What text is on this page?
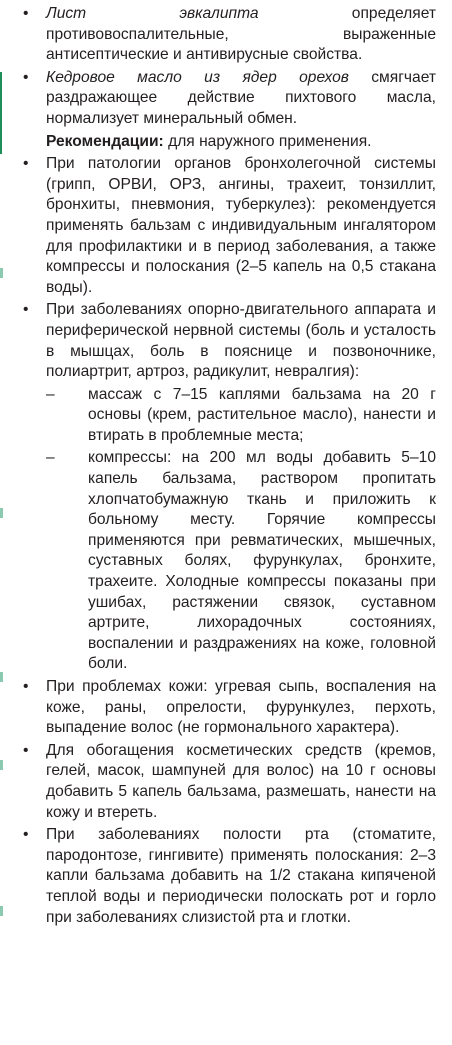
• Лист эвкалипта определяет противовоспалительные, выраженные антисептические и антивирусные свойства.
• Кедровое масло из ядер орехов смягчает раздражающее действие пихтового масла, нормализует минеральный обмен.
Рекомендации: для наружного применения.
• При патологии органов бронхолегочной системы (грипп, ОРВИ, ОРЗ, ангины, трахеит, тонзиллит, бронхиты, пневмония, туберкулез): рекомендуется применять бальзам с индивидуальным ингалятором для профилактики и в период заболевания, а также компрессы и полоскания (2–5 капель на 0,5 стакана воды).
• При заболеваниях опорно-двигательного аппарата и периферической нервной системы (боль и усталость в мышцах, боль в пояснице и позвоночнике, полиартрит, артроз, радикулит, невралгия):
– массаж с 7–15 каплями бальзама на 20 г основы (крем, растительное масло), нанести и втирать в проблемные места;
– компрессы: на 200 мл воды добавить 5–10 капель бальзама, раствором пропитать хлопчатобумажную ткань и приложить к больному месту. Горячие компрессы применяются при ревматических, мышечных, суставных болях, фурункулах, бронхите, трахеите. Холодные компрессы показаны при ушибах, растяжении связок, суставном артрите, лихорадочных состояниях, воспалении и раздражениях на коже, головной боли.
• При проблемах кожи: угревая сыпь, воспаления на коже, раны, опрелости, фурункулез, перхоть, выпадение волос (не гормонального характера).
• Для обогащения косметических средств (кремов, гелей, масок, шампуней для волос) на 10 г основы добавить 5 капель бальзама, размешать, нанести на кожу и втереть.
• При заболеваниях полости рта (стоматите, пародонтозе, гингивите) применять полоскания: 2–3 капли бальзама добавить на 1/2 стакана кипяченой теплой воды и периодически полоскать рот и горло при заболеваниях слизистой рта и глотки.
